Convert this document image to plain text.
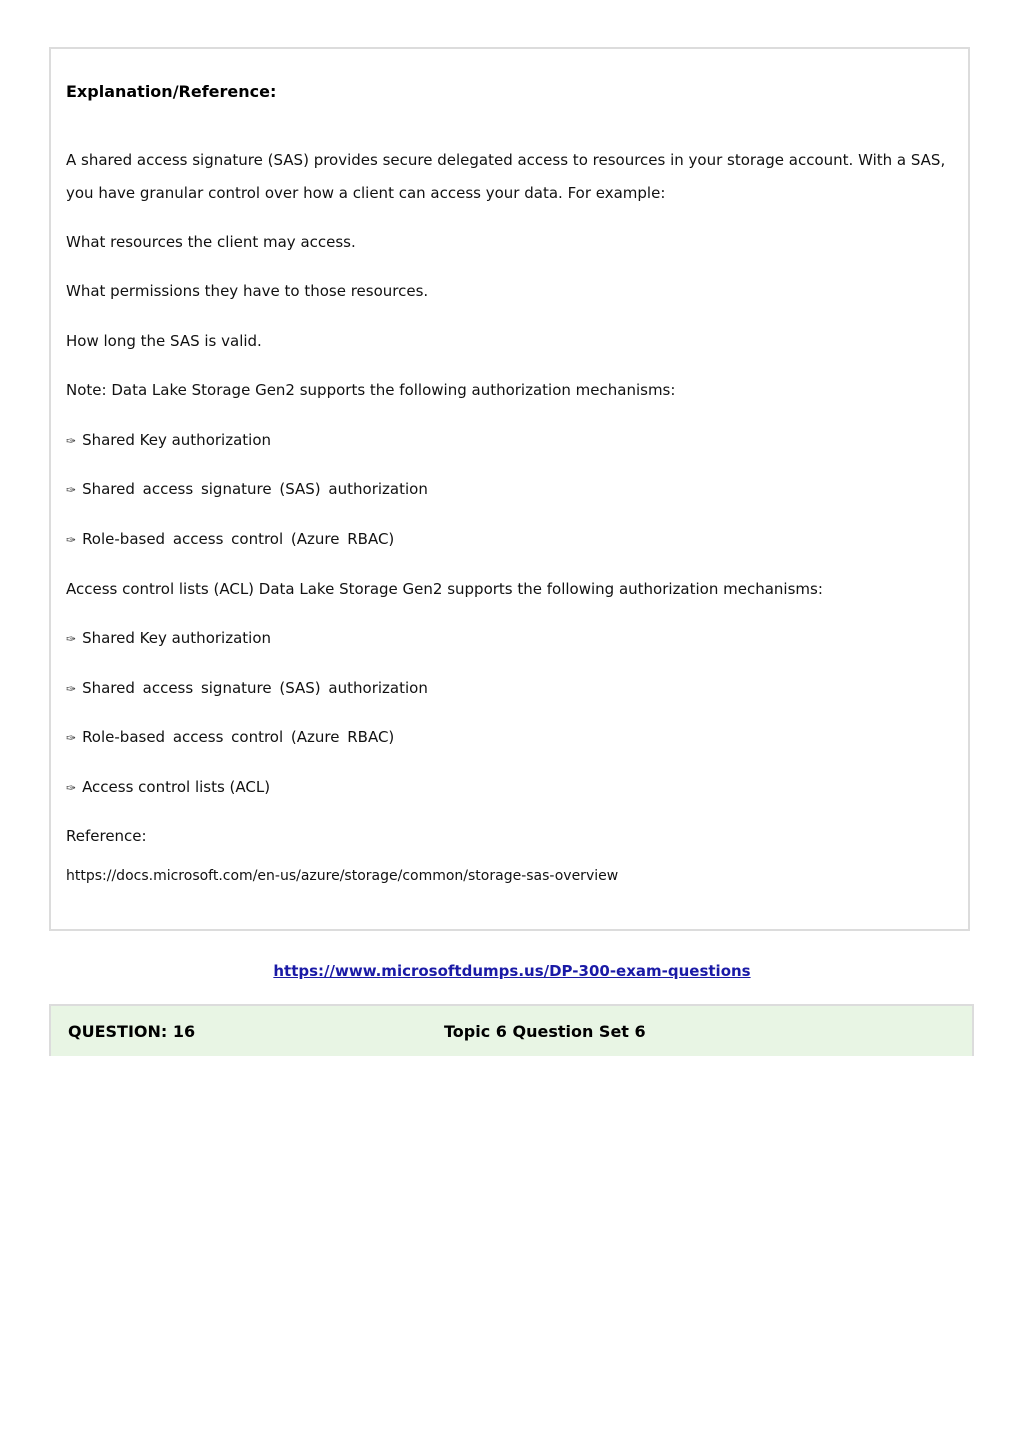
Explanation/Reference:
A shared access signature (SAS) provides secure delegated access to resources in your storage account. With a SAS,
you have granular control over how a client can access your data. For example:
What resources the client may access.
What permissions they have to those resources.
How long the SAS is valid.
Note: Data Lake Storage Gen2 supports the following authorization mechanisms:
✑ Shared Key authorization
✑ Shared access signature (SAS) authorization
✑ Role-based access control (Azure RBAC)
Access control lists (ACL) Data Lake Storage Gen2 supports the following authorization mechanisms:
✑ Shared Key authorization
✑ Shared access signature (SAS) authorization
✑ Role-based access control (Azure RBAC)
✑ Access control lists (ACL)
Reference:
https://docs.microsoft.com/en-us/azure/storage/common/storage-sas-overview
https://www.microsoftdumps.us/DP-300-exam-questions
QUESTION: 16	Topic 6 Question Set 6
